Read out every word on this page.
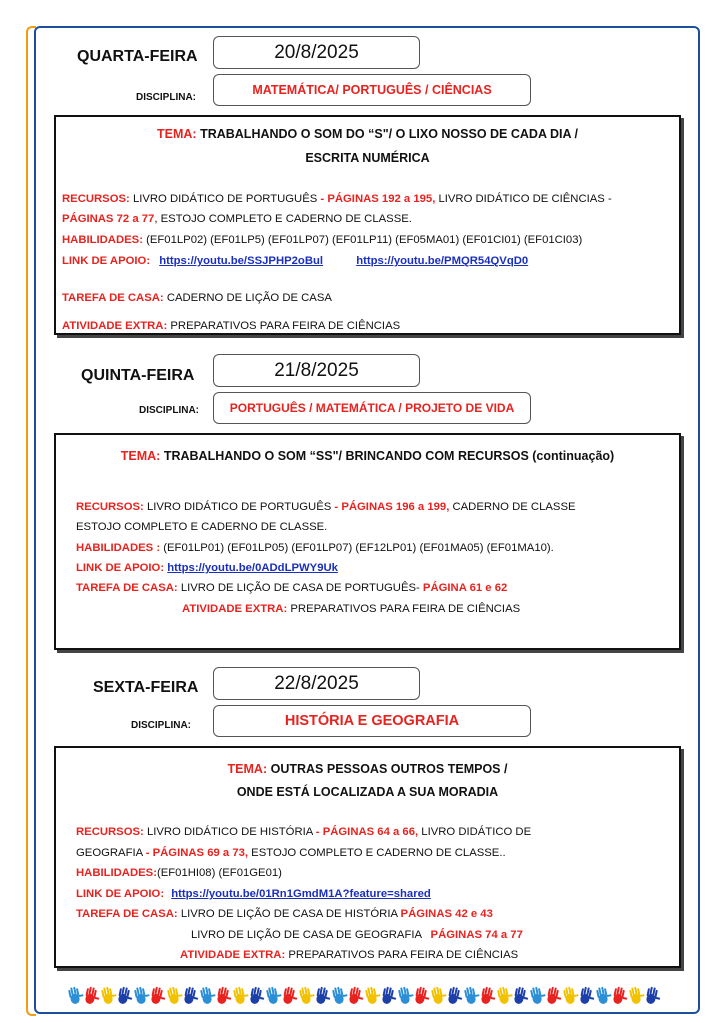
QUARTA-FEIRA	20/8/2025
DISCIPLINA:
MATEMÁTICA/ PORTUGUÊS / CIÊNCIAS
TEMA: TRABALHANDO O SOM DO “S"/ O LIXO NOSSO DE CADA DIA /
ESCRITA NUMÉRICA
RECURSOS: LIVRO DIDÁTICO DE PORTUGUÊS - PÁGINAS 192 a 195, LIVRO DIDÁTICO DE CIÊNCIAS -
PÁGINAS 72 a 77, ESTOJO COMPLETO E CADERNO DE CLASSE.
HABILIDADES: (EF01LP02) (EF01LP5) (EF01LP07) (EF01LP11) (EF05MA01) (EF01CI01) (EF01CI03)
LINK DE APOIO: https://youtu.be/SSJPHP2oBul	https://youtu.be/PMQR54QVqD0
TAREFA DE CASA: CADERNO DE LIÇÃO DE CASA
ATIVIDADE EXTRA: PREPARATIVOS PARA FEIRA DE CIÊNCIAS
QUINTA-FEIRA	21/8/2025
DISCIPLINA:	PORTUGUÊS / MATEMÁTICA / PROJETO DE VIDA
TEMA: TRABALHANDO O SOM “SS"/ BRINCANDO COM RECURSOS (continuação)
RECURSOS: LIVRO DIDÁTICO DE PORTUGUÊS - PÁGINAS 196 a 199, CADERNO DE CLASSE
ESTOJO COMPLETO E CADERNO DE CLASSE.
HABILIDADES : (EF01LP01) (EF01LP05) (EF01LP07) (EF12LP01) (EF01MA05) (EF01MA10).
LINK DE APOIO: https://youtu.be/0ADdLPWY9Uk
TAREFA DE CASA: LIVRO DE LIÇÃO DE CASA DE PORTUGUÊS- PÁGINA 61 e 62
ATIVIDADE EXTRA: PREPARATIVOS PARA FEIRA DE CIÊNCIAS
SEXTA-FEIRA	22/8/2025
DISCIPLINA:	HISTÓRIA E GEOGRAFIA
TEMA: OUTRAS PESSOAS OUTROS TEMPOS /
ONDE ESTÁ LOCALIZADA A SUA MORADIA
RECURSOS: LIVRO DIDÁTICO DE HISTÓRIA - PÁGINAS 64 a 66, LIVRO DIDÁTICO DE
GEOGRAFIA - PÁGINAS 69 a 73, ESTOJO COMPLETO E CADERNO DE CLASSE..
HABILIDADES:(EF01HI08) (EF01GE01)
LINK DE APOIO: https://youtu.be/01Rn1GmdM1A?feature=shared
TAREFA DE CASA: LIVRO DE LIÇÃO DE CASA DE HISTÓRIA PÁGINAS 42 e 43
LIVRO DE LIÇÃO DE CASA DE GEOGRAFIA PÁGINAS 74 a 77
ATIVIDADE EXTRA: PREPARATIVOS PARA FEIRA DE CIÊNCIAS
